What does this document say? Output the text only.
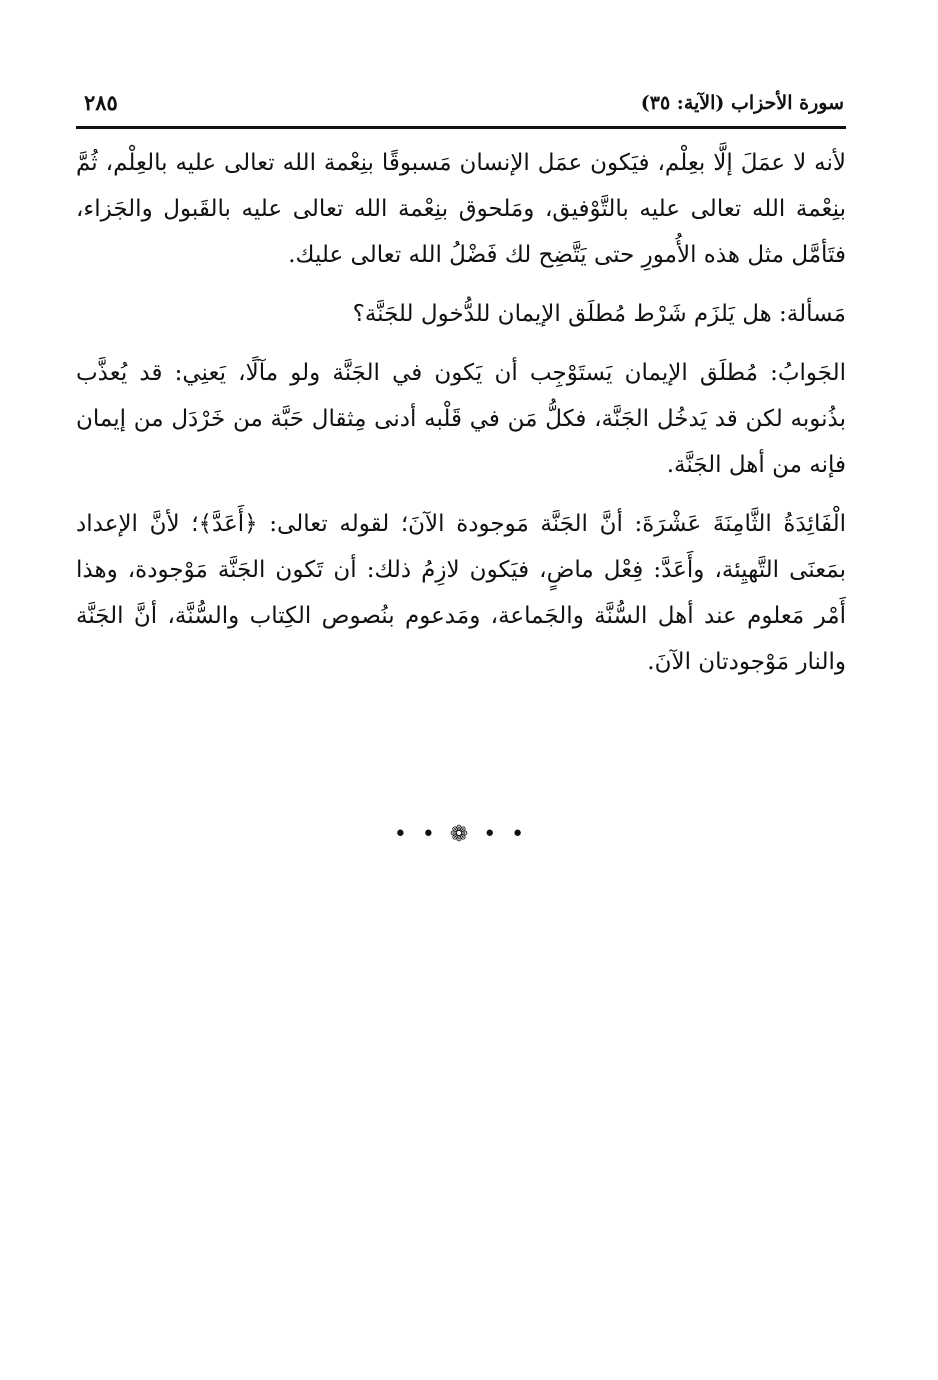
سورة الأحزاب (الآية: ٣٥)
٢٨٥

لأنه لا عمَلَ إلَّا بعِلْم، فيَكون عمَل الإنسان مَسبوقًا بنِعْمة الله تعالى عليه بالعِلْم، ثُمَّ بنِعْمة الله تعالى عليه بالتَّوْفيق، ومَلحوق بنِعْمة الله تعالى عليه بالقَبول والجَزاء، فتَأمَّل مثل هذه الأُمورِ حتى يَتَّضِح لك فَضْلُ الله تعالى عليك.

مَسألة: هل يَلزَم شَرْط مُطلَق الإيمان للدُّخول للجَنَّة؟

الجَوابُ: مُطلَق الإيمان يَستَوْجِب أن يَكون في الجَنَّة ولو مآلًا، يَعنِي: قد يُعذَّب بذُنوبه لكن قد يَدخُل الجَنَّة، فكلُّ مَن في قَلْبه أدنى مِثقال حَبَّة من خَرْدَل من إيمان فإنه من أهل الجَنَّة.

الْفَائِدَةُ الثَّامِنَةَ عَشْرَةَ: أنَّ الجَنَّة مَوجودة الآنَ؛ لقوله تعالى: ﴿أَعَدَّ﴾؛ لأنَّ الإعداد بمَعنَى التَّهيِئة، وأَعَدَّ: فِعْل ماضٍ، فيَكون لازِمُ ذلك: أن تَكون الجَنَّة مَوْجودة، وهذا أَمْر مَعلوم عند أهل السُّنَّة والجَماعة، ومَدعوم بنُصوص الكِتاب والسُّنَّة، أنَّ الجَنَّة والنار مَوْجودتان الآنَ.

• • ❁ • •
